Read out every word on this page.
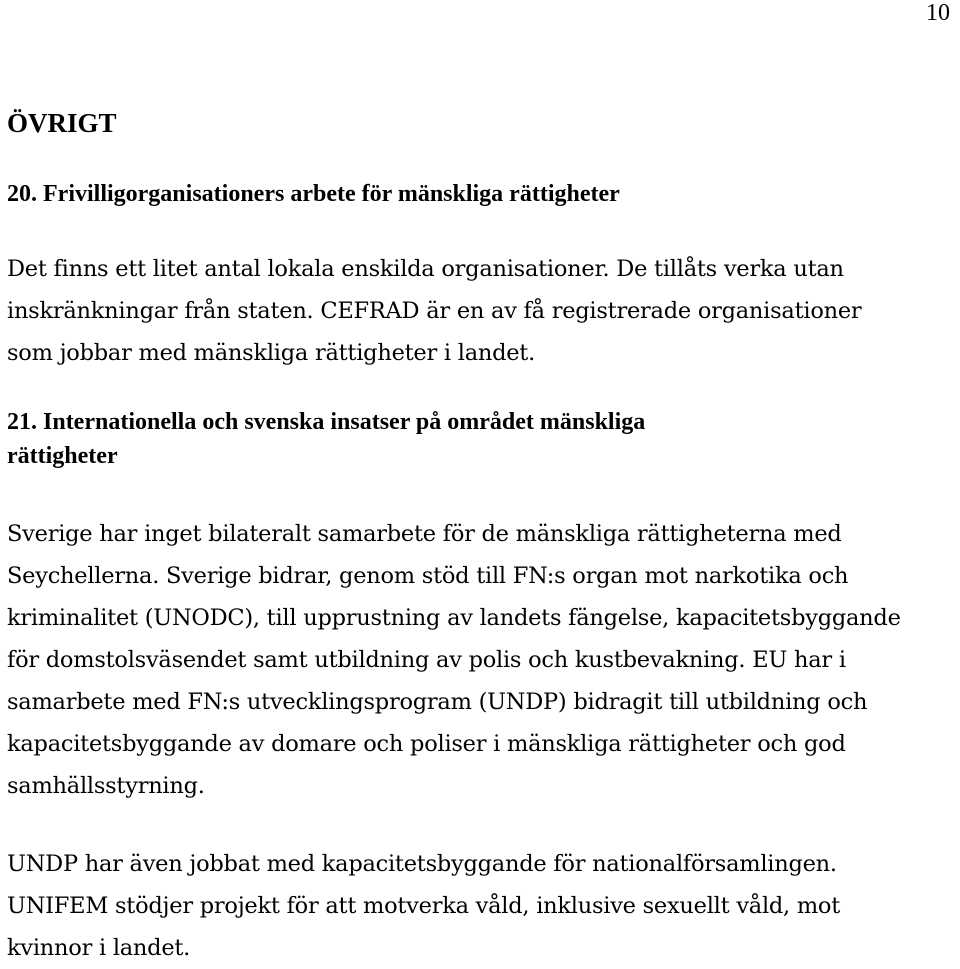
10
ÖVRIGT
20. Frivilligorganisationers arbete för mänskliga rättigheter

Det finns ett litet antal lokala enskilda organisationer. De tillåts verka utan
inskränkningar från staten. CEFRAD är en av få registrerade organisationer
som jobbar med mänskliga rättigheter i landet.

21. Internationella och svenska insatser på området mänskliga
rättigheter

Sverige har inget bilateralt samarbete för de mänskliga rättigheterna med
Seychellerna. Sverige bidrar, genom stöd till FN:s organ mot narkotika och
kriminalitet (UNODC), till upprustning av landets fängelse, kapacitetsbyggande
för domstolsväsendet samt utbildning av polis och kustbevakning. EU har i
samarbete med FN:s utvecklingsprogram (UNDP) bidragit till utbildning och
kapacitetsbyggande av domare och poliser i mänskliga rättigheter och god
samhällsstyrning.

UNDP har även jobbat med kapacitetsbyggande för nationalförsamlingen.
UNIFEM stödjer projekt för att motverka våld, inklusive sexuellt våld, mot
kvinnor i landet.
